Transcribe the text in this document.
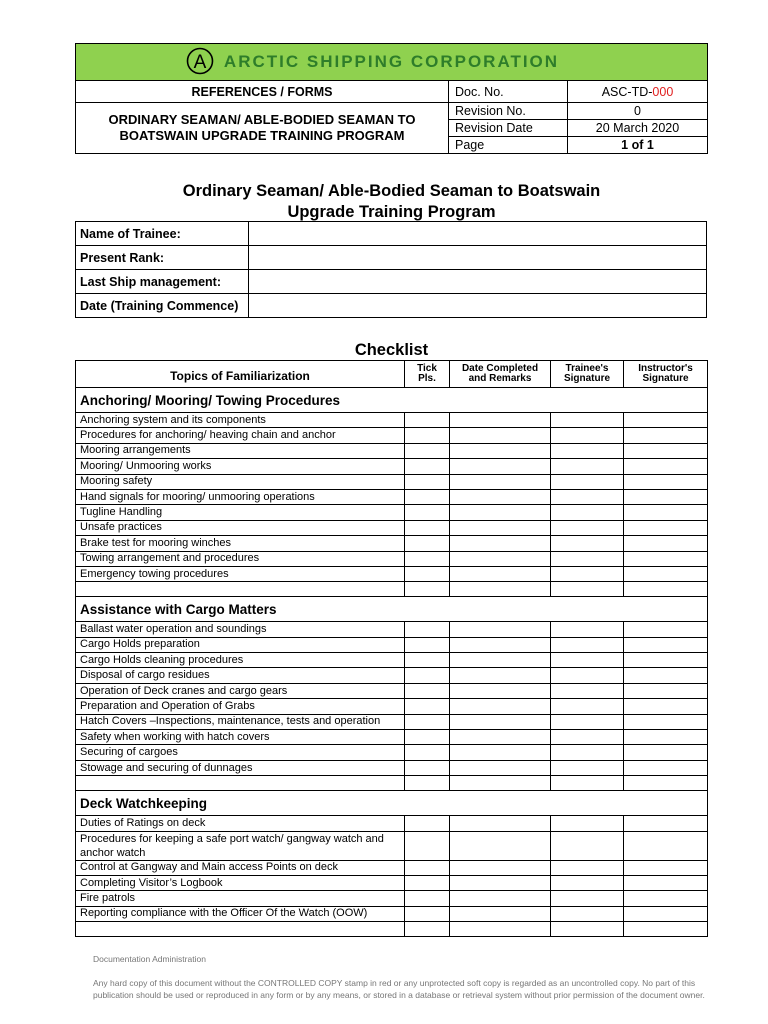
A ARCTIC SHIPPING CORPORATION		
REFERENCES / FORMS	Doc. No.	ASC-TD-000
ORDINARY SEAMAN/ ABLE-BODIED SEAMAN TO BOATSWAIN UPGRADE TRAINING PROGRAM	Revision No.	0
	Revision Date	20 March 2020
	Page	1 of 1
Ordinary Seaman/ Able-Bodied Seaman to Boatswain
Upgrade Training Program
Name of Trainee:	
Present Rank:	
Last Ship management:	
Date (Training Commence)	
Checklist
Topics of Familiarization	Tick Pls.	Date Completed and Remarks	Trainee's Signature	Instructor's Signature
Anchoring/ Mooring/ Towing Procedures				
Anchoring system and its components				
Procedures for anchoring/ heaving chain and anchor				
Mooring arrangements				
Mooring/ Unmooring works				
Mooring safety				
Hand signals for mooring/ unmooring operations				
Tugline Handling				
Unsafe practices				
Brake test for mooring winches				
Towing arrangement and procedures				
Emergency towing procedures				

Assistance with Cargo Matters				
Ballast water operation and soundings				
Cargo Holds preparation				
Cargo Holds cleaning procedures				
Disposal of cargo residues				
Operation of Deck cranes and cargo gears				
Preparation and Operation of Grabs				
Hatch Covers –Inspections, maintenance, tests and operation				
Safety when working with hatch covers				
Securing of cargoes				
Stowage and securing of dunnages				

Deck Watchkeeping				
Duties of Ratings on deck				
Procedures for keeping a safe port watch/ gangway watch and anchor watch				
Control at Gangway and Main access Points on deck				
Completing Visitor’s Logbook				
Fire patrols				
Reporting compliance with the Officer Of the Watch (OOW)				

Documentation Administration
Any hard copy of this document without the CONTROLLED COPY stamp in red or any unprotected soft copy is regarded as an uncontrolled copy. No part of this publication should be used or reproduced in any form or by any means, or stored in a database or retrieval system without prior permission of the document owner.
